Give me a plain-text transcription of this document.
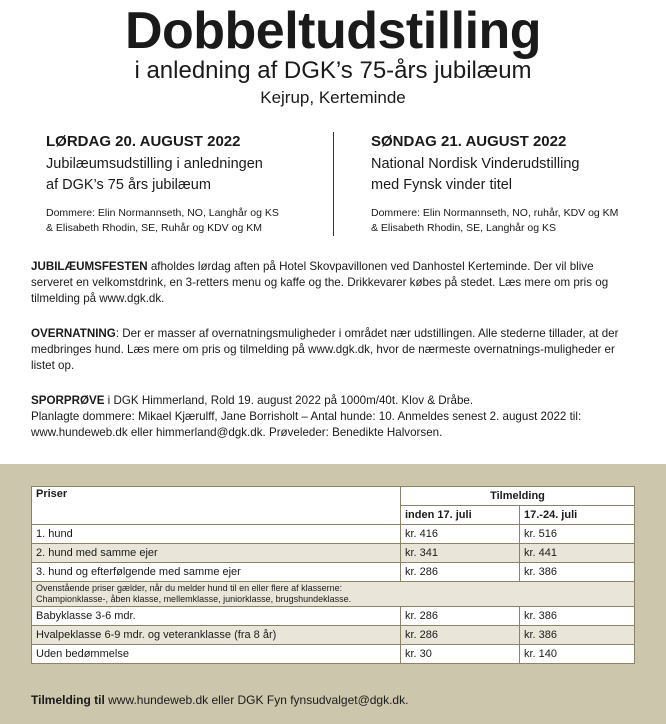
Dobbeltudstilling
i anledning af DGK’s 75-års jubilæum
Kejrup, Kerteminde
LØRDAG 20. AUGUST 2022
Jubilæumsudstilling i anledningen
af DGK’s 75 års jubilæum
Dommere: Elin Normannseth, NO, Langhår og KS
& Elisabeth Rhodin, SE, Ruhår og KDV og KM
SØNDAG 21. AUGUST 2022
National Nordisk Vinderudstilling
med Fynsk vinder titel
Dommere: Elin Normannseth, NO, ruhår, KDV og KM
& Elisabeth Rhodin, SE, Langhår og KS
JUBILÆUMSFESTEN afholdes lørdag aften på Hotel Skovpavillonen ved Danhostel Kerteminde. Der vil blive serveret en velkomstdrink, en 3-retters menu og kaffe og the. Drikkevarer købes på stedet. Læs mere om pris og tilmelding på www.dgk.dk.
OVERNATNING: Der er masser af overnatningsmuligheder i området nær udstillingen. Alle stederne tillader, at der medbringes hund. Læs mere om pris og tilmelding på www.dgk.dk, hvor de nærmeste overnatnings-muligheder er listet op.
SPORPRØVE i DGK Himmerland, Rold 19. august 2022 på 1000m/40t. Klov & Dråbe.
Planlagte dommere: Mikael Kjærulff, Jane Borrisholt – Antal hunde: 10. Anmeldes senest 2. august 2022 til:
www.hundeweb.dk eller himmerland@dgk.dk. Prøveleder: Benedikte Halvorsen.
Priser	Tilmelding	
	inden 17. juli	17.-24. juli
1. hund	kr. 416	kr. 516
2. hund med samme ejer	kr. 341	kr. 441
3. hund og efterfølgende med samme ejer	kr. 286	kr. 386

Ovenstående priser gælder, når du melder hund til en eller flere af klasserne:
Championklasse-, åben klasse, mellemklasse, juniorklasse, brugshundeklasse.		

Babyklasse 3-6 mdr.	kr. 286	kr. 386
Hvalpeklasse 6-9 mdr. og veteranklasse (fra 8 år)	kr. 286	kr. 386
Uden bedømmelse	kr. 30	kr. 140
Tilmelding til www.hundeweb.dk eller DGK Fyn fynsudvalget@dgk.dk.
